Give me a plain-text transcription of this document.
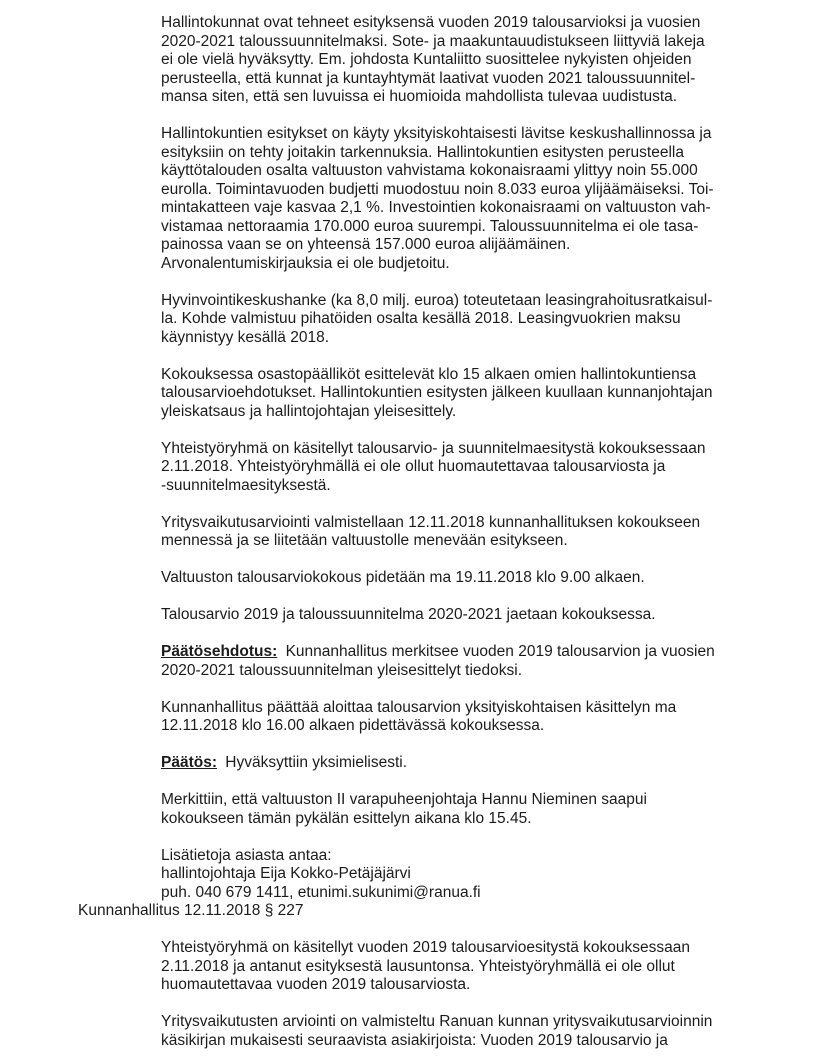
Hallintokunnat ovat tehneet esityksensä vuoden 2019 talousarvioksi ja vuosien
2020-2021 taloussuunnitelmaksi. Sote- ja maakuntauudistukseen liittyviä lakeja
ei ole vielä hyväksytty. Em. johdosta Kuntaliitto suosittelee nykyisten ohjeiden
perusteella, että kunnat ja kuntayhtymät laativat vuoden 2021 taloussuunnitel-
mansa siten, että sen luvuissa ei huomioida mahdollista tulevaa uudistusta.
Hallintokuntien esitykset on käyty yksityiskohtaisesti lävitse keskushallinnossa ja
esityksiin on tehty joitakin tarkennuksia. Hallintokuntien esitysten perusteella
käyttötalouden osalta valtuuston vahvistama kokonaisraami ylittyy noin 55.000
eurolla. Toimintavuoden budjetti muodostuu noin 8.033 euroa ylijäämäiseksi. Toi-
mintakatteen vaje kasvaa 2,1 %. Investointien kokonaisraami on valtuuston vah-
vistamaa nettoraamia 170.000 euroa suurempi. Taloussuunnitelma ei ole tasa-
painossa vaan se on yhteensä 157.000 euroa alijäämäinen.
Arvonalentumiskirjauksia ei ole budjetoitu.
Hyvinvointikeskushanke (ka 8,0 milj. euroa) toteutetaan leasingrahoitusratkaisul-
la. Kohde valmistuu pihatöiden osalta kesällä 2018. Leasingvuokrien maksu
käynnistyy kesällä 2018.
Kokouksessa osastopäälliköt esittelevät klo 15 alkaen omien hallintokuntiensa
talousarvioehdotukset. Hallintokuntien esitysten jälkeen kuullaan kunnanjohtajan
yleiskatsaus ja hallintojohtajan yleisesittely.
Yhteistyöryhmä on käsitellyt talousarvio- ja suunnitelmaesitystä kokouksessaan
2.11.2018. Yhteistyöryhmällä ei ole ollut huomautettavaa talousarviosta ja
-suunnitelmaesityksestä.
Yritysvaikutusarviointi valmistellaan 12.11.2018 kunnanhallituksen kokoukseen
mennessä ja se liitetään valtuustolle menevään esitykseen.
Valtuuston talousarviokokous pidetään ma 19.11.2018 klo 9.00 alkaen.
Talousarvio 2019 ja taloussuunnitelma 2020-2021 jaetaan kokouksessa.
Päätösehdotus: Kunnanhallitus merkitsee vuoden 2019 talousarvion ja vuosien
2020-2021 taloussuunnitelman yleisesittelyt tiedoksi.
Kunnanhallitus päättää aloittaa talousarvion yksityiskohtaisen käsittelyn ma
12.11.2018 klo 16.00 alkaen pidettävässä kokouksessa.
Päätös: Hyväksyttiin yksimielisesti.
Merkittiin, että valtuuston II varapuheenjohtaja Hannu Nieminen saapui
kokoukseen tämän pykälän esittelyn aikana klo 15.45.
Lisätietoja asiasta antaa:
hallintojohtaja Eija Kokko-Petäjäjärvi
puh. 040 679 1411, etunimi.sukunimi@ranua.fi
Kunnanhallitus 12.11.2018 § 227
Yhteistyöryhmä on käsitellyt vuoden 2019 talousarvioesitystä kokouksessaan
2.11.2018 ja antanut esityksestä lausuntonsa. Yhteistyöryhmällä ei ole ollut
huomautettavaa vuoden 2019 talousarviosta.
Yritysvaikutusten arviointi on valmisteltu Ranuan kunnan yritysvaikutusarvioinnin
käsikirjan mukaisesti seuraavista asiakirjoista: Vuoden 2019 talousarvio ja
